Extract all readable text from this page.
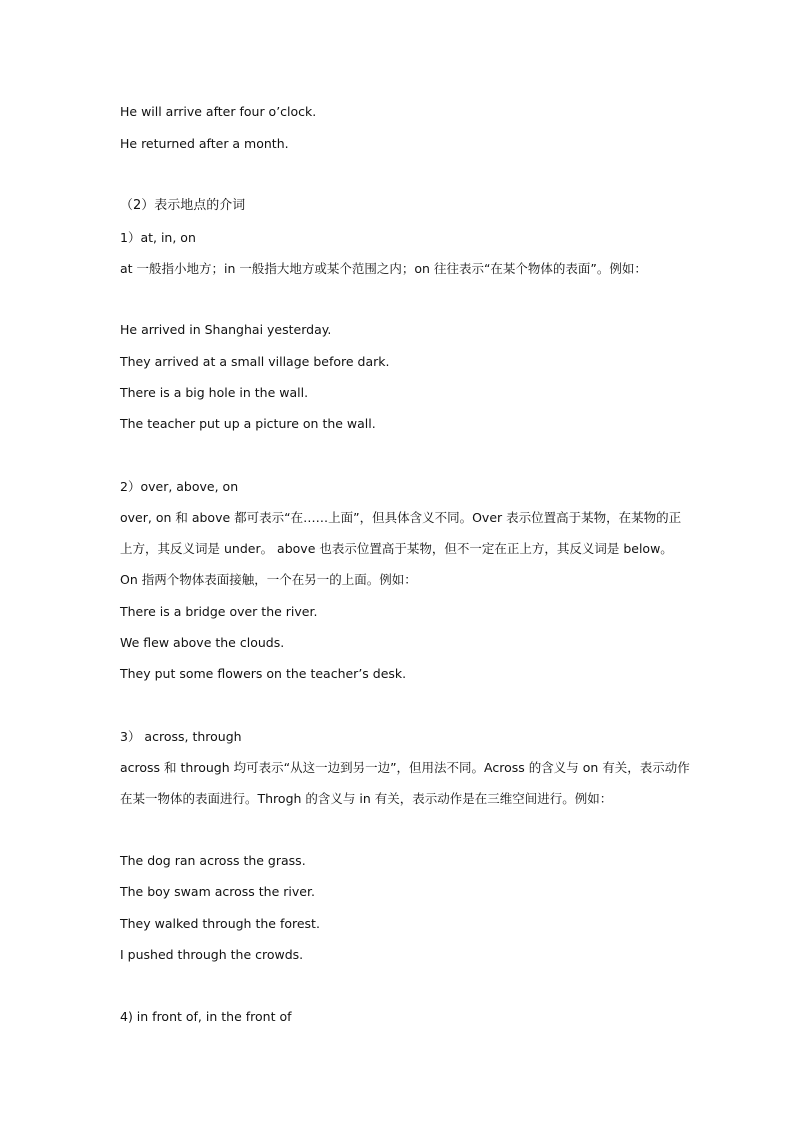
He will arrive after four o’clock.
He returned after a month.
（2）表示地点的介词
1）at, in, on
at 一般指小地方；in 一般指大地方或某个范围之内；on 往往表示“在某个物体的表面”。例如：
He arrived in Shanghai yesterday.
They arrived at a small village before dark.
There is a big hole in the wall.
The teacher put up a picture on the wall.
2）over, above, on
over, on 和 above 都可表示“在……上面”，但具体含义不同。Over 表示位置高于某物，在某物的正上方，其反义词是 under。 above 也表示位置高于某物，但不一定在正上方，其反义词是 below。On 指两个物体表面接触，一个在另一的上面。例如：
There is a bridge over the river.
We flew above the clouds.
They put some flowers on the teacher’s desk.
3） across, through
across 和 through 均可表示“从这一边到另一边”，但用法不同。Across 的含义与 on 有关，表示动作在某一物体的表面进行。Throgh 的含义与 in 有关，表示动作是在三维空间进行。例如：
The dog ran across the grass.
The boy swam across the river.
They walked through the forest.
I pushed through the crowds.
4) in front of, in the front of
